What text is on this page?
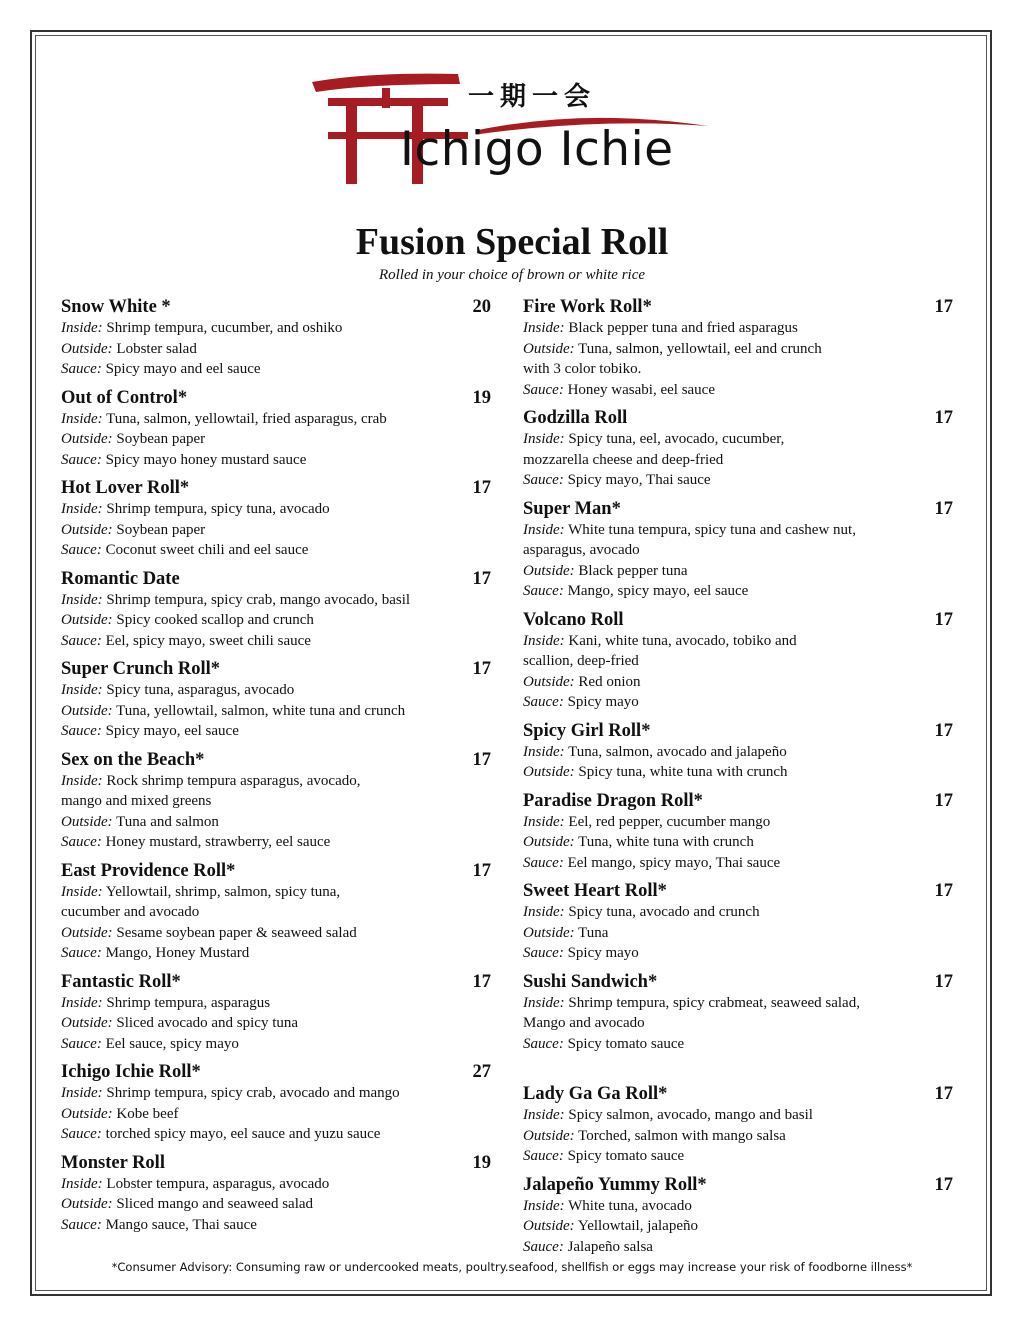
一期一会
Ichigo Ichie
Fusion Special Roll
Rolled in your choice of brown or white rice
Snow White *	20
Inside: Shrimp tempura, cucumber, and oshiko
Outside: Lobster salad
Sauce: Spicy mayo and eel sauce
Out of Control*	19
Inside: Tuna, salmon, yellowtail, fried asparagus, crab
Outside: Soybean paper
Sauce: Spicy mayo honey mustard sauce
Hot Lover Roll*	17
Inside: Shrimp tempura, spicy tuna, avocado
Outside: Soybean paper
Sauce: Coconut sweet chili and eel sauce
Romantic Date	17
Inside: Shrimp tempura, spicy crab, mango avocado, basil
Outside: Spicy cooked scallop and crunch
Sauce: Eel, spicy mayo, sweet chili sauce
Super Crunch Roll*	17
Inside: Spicy tuna, asparagus, avocado
Outside: Tuna, yellowtail, salmon, white tuna and crunch
Sauce: Spicy mayo, eel sauce
Sex on the Beach*	17
Inside: Rock shrimp tempura asparagus, avocado,
mango and mixed greens
Outside: Tuna and salmon
Sauce: Honey mustard, strawberry, eel sauce
East Providence Roll*	17
Inside: Yellowtail, shrimp, salmon, spicy tuna,
cucumber and avocado
Outside: Sesame soybean paper & seaweed salad
Sauce: Mango, Honey Mustard
Fantastic Roll*	17
Inside: Shrimp tempura, asparagus
Outside: Sliced avocado and spicy tuna
Sauce: Eel sauce, spicy mayo
Ichigo Ichie Roll*	27
Inside: Shrimp tempura, spicy crab, avocado and mango
Outside: Kobe beef
Sauce: torched spicy mayo, eel sauce and yuzu sauce
Monster Roll	19
Inside: Lobster tempura, asparagus, avocado
Outside: Sliced mango and seaweed salad
Sauce: Mango sauce, Thai sauce
Fire Work Roll*	17
Inside: Black pepper tuna and fried asparagus
Outside: Tuna, salmon, yellowtail, eel and crunch
with 3 color tobiko.
Sauce: Honey wasabi, eel sauce
Godzilla Roll	17
Inside: Spicy tuna, eel, avocado, cucumber,
mozzarella cheese and deep-fried
Sauce: Spicy mayo, Thai sauce
Super Man*	17
Inside: White tuna tempura, spicy tuna and cashew nut,
asparagus, avocado
Outside: Black pepper tuna
Sauce: Mango, spicy mayo, eel sauce
Volcano Roll	17
Inside: Kani, white tuna, avocado, tobiko and
scallion, deep-fried
Outside: Red onion
Sauce: Spicy mayo
Spicy Girl Roll*	17
Inside: Tuna, salmon, avocado and jalapeño
Outside: Spicy tuna, white tuna with crunch
Paradise Dragon Roll*	17
Inside: Eel, red pepper, cucumber mango
Outside: Tuna, white tuna with crunch
Sauce: Eel mango, spicy mayo, Thai sauce
Sweet Heart Roll*	17
Inside: Spicy tuna, avocado and crunch
Outside: Tuna
Sauce: Spicy mayo
Sushi Sandwich*	17
Inside: Shrimp tempura, spicy crabmeat, seaweed salad,
Mango and avocado
Sauce: Spicy tomato sauce
Lady Ga Ga Roll*	17
Inside: Spicy salmon, avocado, mango and basil
Outside: Torched, salmon with mango salsa
Sauce: Spicy tomato sauce
Jalapeño Yummy Roll*	17
Inside: White tuna, avocado
Outside: Yellowtail, jalapeño
Sauce: Jalapeño salsa
*Consumer Advisory: Consuming raw or undercooked meats, poultry.seafood, shellfish or eggs may increase your risk of foodborne illness*
